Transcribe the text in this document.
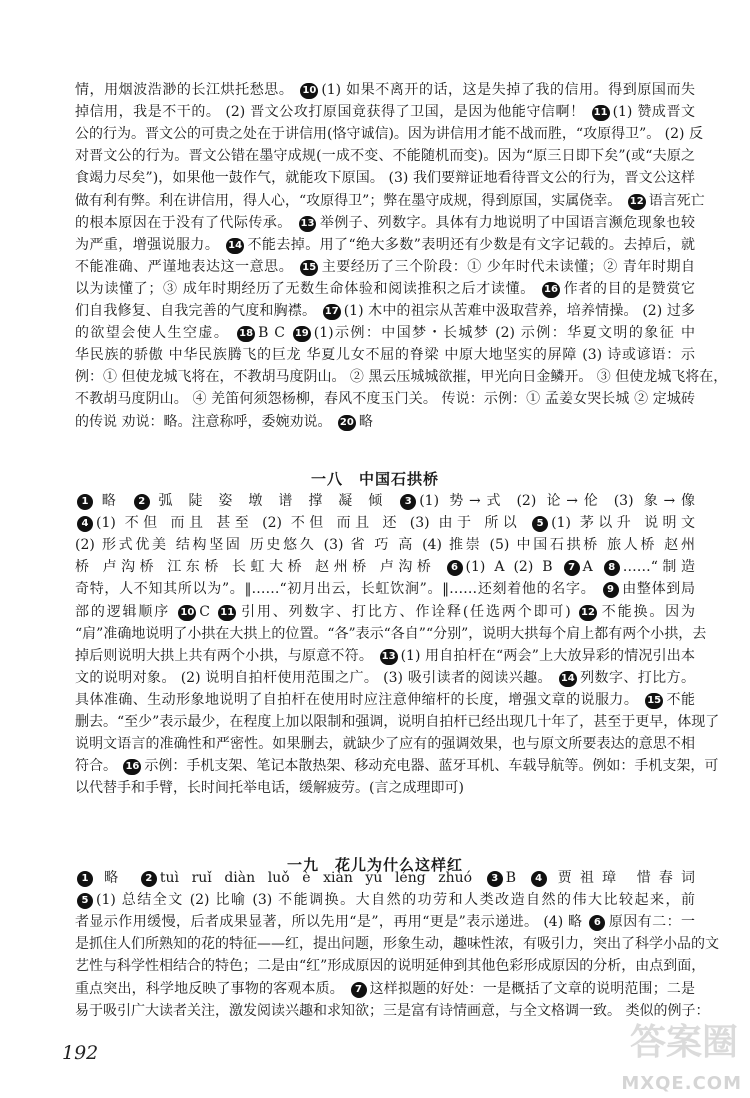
情，用烟波浩渺的长江烘托愁思。 10 (1) 如果不离开的话，这是失掉了我的信用。得到原国而失
掉信用，我是不干的。 (2) 晋文公攻打原国竟获得了卫国，是因为他能守信啊！ 11 (1) 赞成晋文
公的行为。晋文公的可贵之处在于讲信用(恪守诚信)。因为讲信用才能不战而胜，“攻原得卫”。 (2) 反
对晋文公的行为。晋文公错在墨守成规(一成不变、不能随机而变)。因为“原三日即下矣”(或“夫原之
食竭力尽矣”)，如果他一鼓作气，就能攻下原国。 (3) 我们要辩证地看待晋文公的行为，晋文公这样
做有利有弊。利在讲信用，得人心，“攻原得卫”；弊在墨守成规，得到原国，实属侥幸。 12 语言死亡
的根本原因在于没有了代际传承。 13 举例子、列数字。具体有力地说明了中国语言濒危现象也较
为严重，增强说服力。 14 不能去掉。用了“绝大多数”表明还有少数是有文字记载的。去掉后，就
不能准确、严谨地表达这一意思。 15 主要经历了三个阶段：① 少年时代未读懂；② 青年时期自
以为读懂了；③ 成年时期经历了无数生命体验和阅读推积之后才读懂。 16 作者的目的是赞赏它
们自我修复、自我完善的气度和胸襟。 17 (1) 木中的祖宗从苦难中汲取营养，培养情操。 (2) 过多
的欲望会使人生空虚。 18 B C 19 (1)示例：中国梦・长城梦 (2) 示例：华夏文明的象征 中
华民族的骄傲 中华民族腾飞的巨龙 华夏儿女不屈的脊梁 中原大地坚实的屏障 (3) 诗或谚语：示
例：① 但使龙城飞将在，不教胡马度阴山。 ② 黑云压城城欲摧，甲光向日金鳞开。 ③ 但使龙城飞将在，
不教胡马度阴山。 ④ 羌笛何须怨杨柳，春风不度玉门关。 传说：示例：① 孟姜女哭长城 ② 定城砖
的传说 劝说：略。注意称呼，委婉劝说。 20 略
一八　中国石拱桥
1 略 2 弧 陡 姿 墩 谱 撑 凝 倾 3 (1) 势→式 (2) 论→伦 (3) 象→像
4 (1) 不但 而且 甚至 (2) 不但 而且 还 (3) 由于 所以 5 (1) 茅以升 说明文
(2) 形式优美 结构坚固 历史悠久 (3) 省 巧 高 (4) 推崇 (5) 中国石拱桥 旅人桥 赵州
桥 卢沟桥 江东桥 长虹大桥 赵州桥 卢沟桥 6 (1) A (2) B 7 A 8 ……“制造
奇特，人不知其所以为”。‖……“初月出云，长虹饮涧”。‖……还刻着他的名字。 9 由整体到局
部的逻辑顺序 10 C 11 引用、列数字、打比方、作诠释(任选两个即可) 12 不能换。因为
“肩”准确地说明了小拱在大拱上的位置。“各”表示“各自”“分别”，说明大拱每个肩上都有两个小拱，去
掉后则说明大拱上共有两个小拱，与原意不符。 13 (1) 用自拍杆在“两会”上大放异彩的情况引出本
文的说明对象。 (2) 说明自拍杆使用范围之广。 (3) 吸引读者的阅读兴趣。 14 列数字、打比方。
具体准确、生动形象地说明了自拍杆在使用时应注意伸缩杆的长度，增强文章的说服力。 15 不能
删去。“至少”表示最少，在程度上加以限制和强调，说明自拍杆已经出现几十年了，甚至于更早，体现了
说明文语言的准确性和严密性。如果删去，就缺少了应有的强调效果，也与原文所要表达的意思不相
符合。 16 示例：手机支架、笔记本散热架、移动充电器、蓝牙耳机、车载导航等。例如：手机支架，可
以代替手和手臂，长时间托举电话，缓解疲劳。(言之成理即可)
一九　花儿为什么这样红
1 略 2 tuì ruǐ diàn luǒ è xiàn yú léng zhuó 3 B 4 贾祖璋 惜春词
5 (1) 总结全文 (2) 比喻 (3) 不能调换。大自然的功劳和人类改造自然的伟大比较起来，前
者显示作用缓慢，后者成果显著，所以先用“是”，再用“更是”表示递进。 (4) 略 6 原因有二：一
是抓住人们所熟知的花的特征——红，提出问题，形象生动，趣味性浓，有吸引力，突出了科学小品的文
艺性与科学性相结合的特色；二是由“红”形成原因的说明延伸到其他色彩形成原因的分析，由点到面，
重点突出，科学地反映了事物的客观本质。 7 这样拟题的好处：一是概括了文章的说明范围；二是
易于吸引广大读者关注，激发阅读兴趣和求知欲；三是富有诗情画意，与全文格调一致。 类似的例子：
192	答案圈
MXQE.COM
